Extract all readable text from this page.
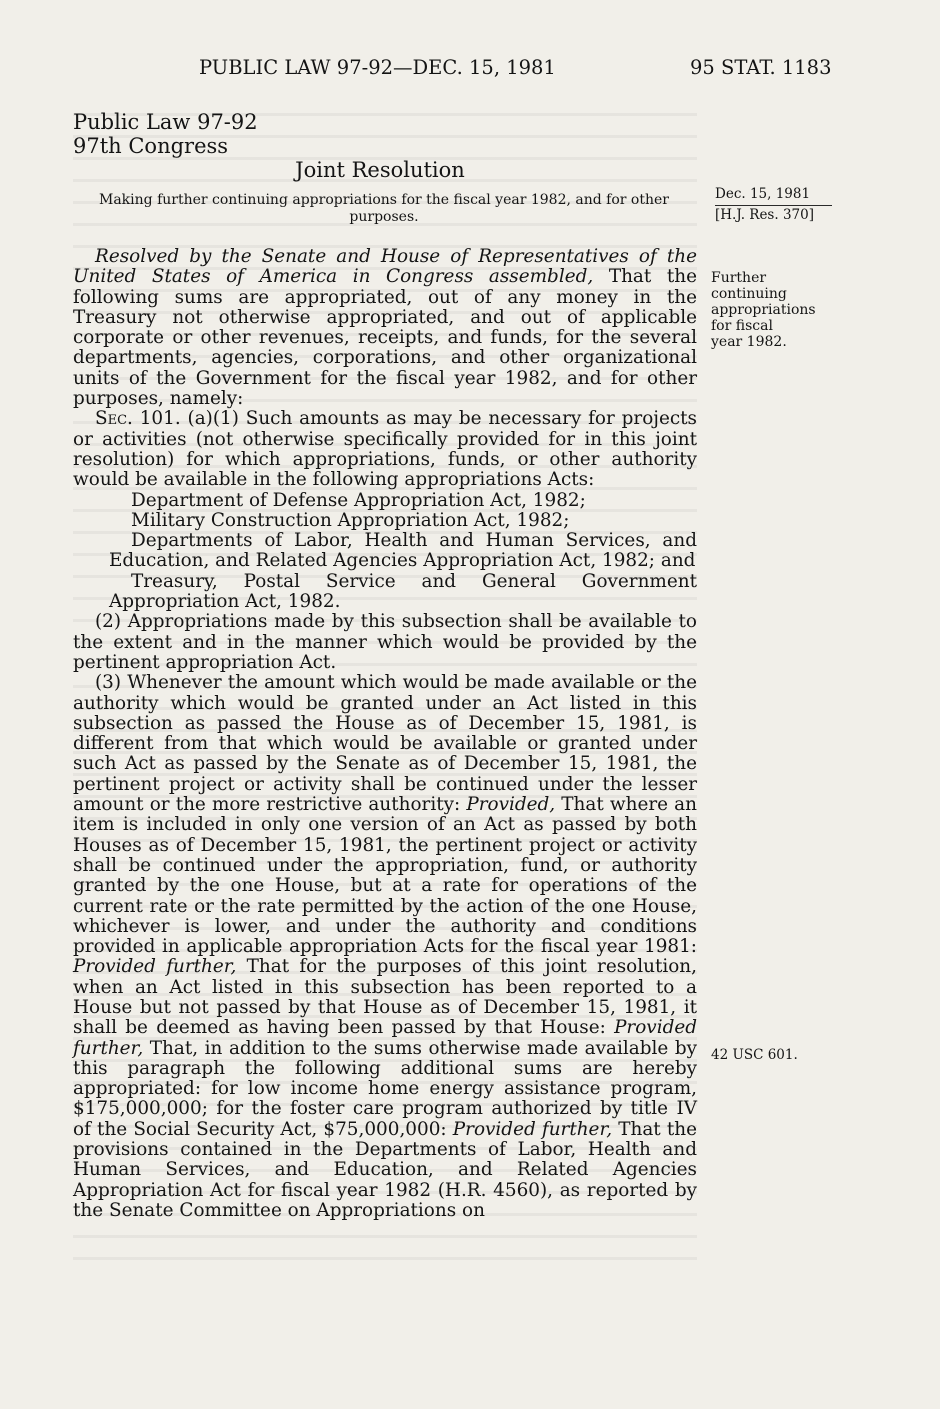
PUBLIC LAW 97-92—DEC. 15, 1981	95 STAT. 1183
Public Law 97-92
97th Congress
Joint Resolution
Making further continuing appropriations for the fiscal year 1982, and for other purposes.
Dec. 15, 1981
[H.J. Res. 370]
Further
continuing
appropriations
for fiscal
year 1982.
42 USC 601.

Resolved by the Senate and House of Representatives of the United States of America in Congress assembled, That the following sums are appropriated, out of any money in the Treasury not otherwise appropriated, and out of applicable corporate or other revenues, receipts, and funds, for the several departments, agencies, corporations, and other organizational units of the Government for the fiscal year 1982, and for other purposes, namely:

Sec. 101. (a)(1) Such amounts as may be necessary for projects or activities (not otherwise specifically provided for in this joint resolution) for which appropriations, funds, or other authority would be available in the following appropriations Acts:

Department of Defense Appropriation Act, 1982;

Military Construction Appropriation Act, 1982;

Departments of Labor, Health and Human Services, and Education, and Related Agencies Appropriation Act, 1982; and

Treasury, Postal Service and General Government Appropriation Act, 1982.

(2) Appropriations made by this subsection shall be available to the extent and in the manner which would be provided by the pertinent appropriation Act.

(3) Whenever the amount which would be made available or the authority which would be granted under an Act listed in this subsection as passed the House as of December 15, 1981, is different from that which would be available or granted under such Act as passed by the Senate as of December 15, 1981, the pertinent project or activity shall be continued under the lesser amount or the more restrictive authority: Provided, That where an item is included in only one version of an Act as passed by both Houses as of December 15, 1981, the pertinent project or activity shall be continued under the appropriation, fund, or authority granted by the one House, but at a rate for operations of the current rate or the rate permitted by the action of the one House, whichever is lower, and under the authority and conditions provided in applicable appropriation Acts for the fiscal year 1981: Provided further, That for the purposes of this joint resolution, when an Act listed in this subsection has been reported to a House but not passed by that House as of December 15, 1981, it shall be deemed as having been passed by that House: Provided further, That, in addition to the sums otherwise made available by this paragraph the following additional sums are hereby appropriated: for low income home energy assistance program, $175,000,000; for the foster care program authorized by title IV of the Social Security Act, $75,000,000: Provided further, That the provisions contained in the Departments of Labor, Health and Human Services, and Education, and Related Agencies Appropriation Act for fiscal year 1982 (H.R. 4560), as reported by the Senate Committee on Appropriations on
